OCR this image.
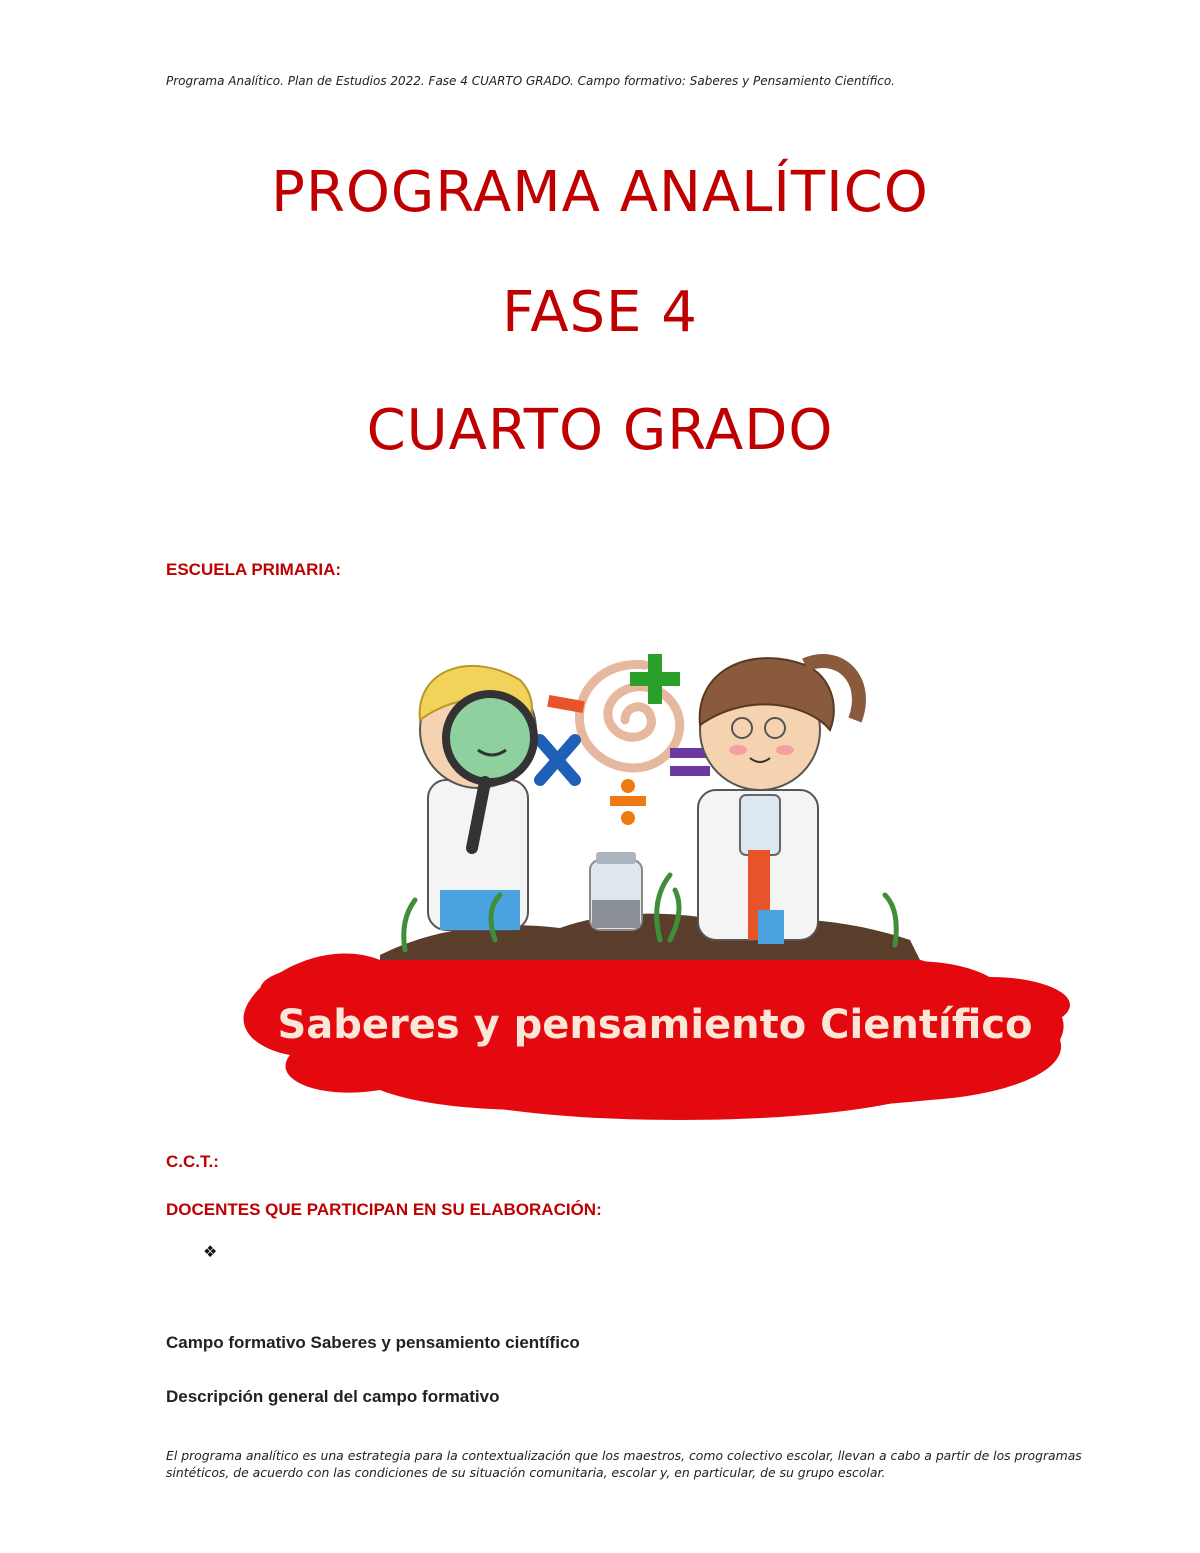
Programa Analítico. Plan de Estudios 2022. Fase 4 CUARTO GRADO. Campo formativo: Saberes y Pensamiento Científico.
PROGRAMA ANALÍTICO
FASE 4
CUARTO GRADO
ESCUELA PRIMARIA:
Saberes y pensamiento Científico
C.C.T.:
DOCENTES QUE PARTICIPAN EN SU ELABORACIÓN:
❖
Campo formativo Saberes y pensamiento científico
Descripción general del campo formativo
El programa analítico es una estrategia para la contextualización que los maestros, como colectivo escolar, llevan a cabo a partir de los programas sintéticos, de acuerdo con las condiciones de su situación comunitaria, escolar y, en particular, de su grupo escolar.
